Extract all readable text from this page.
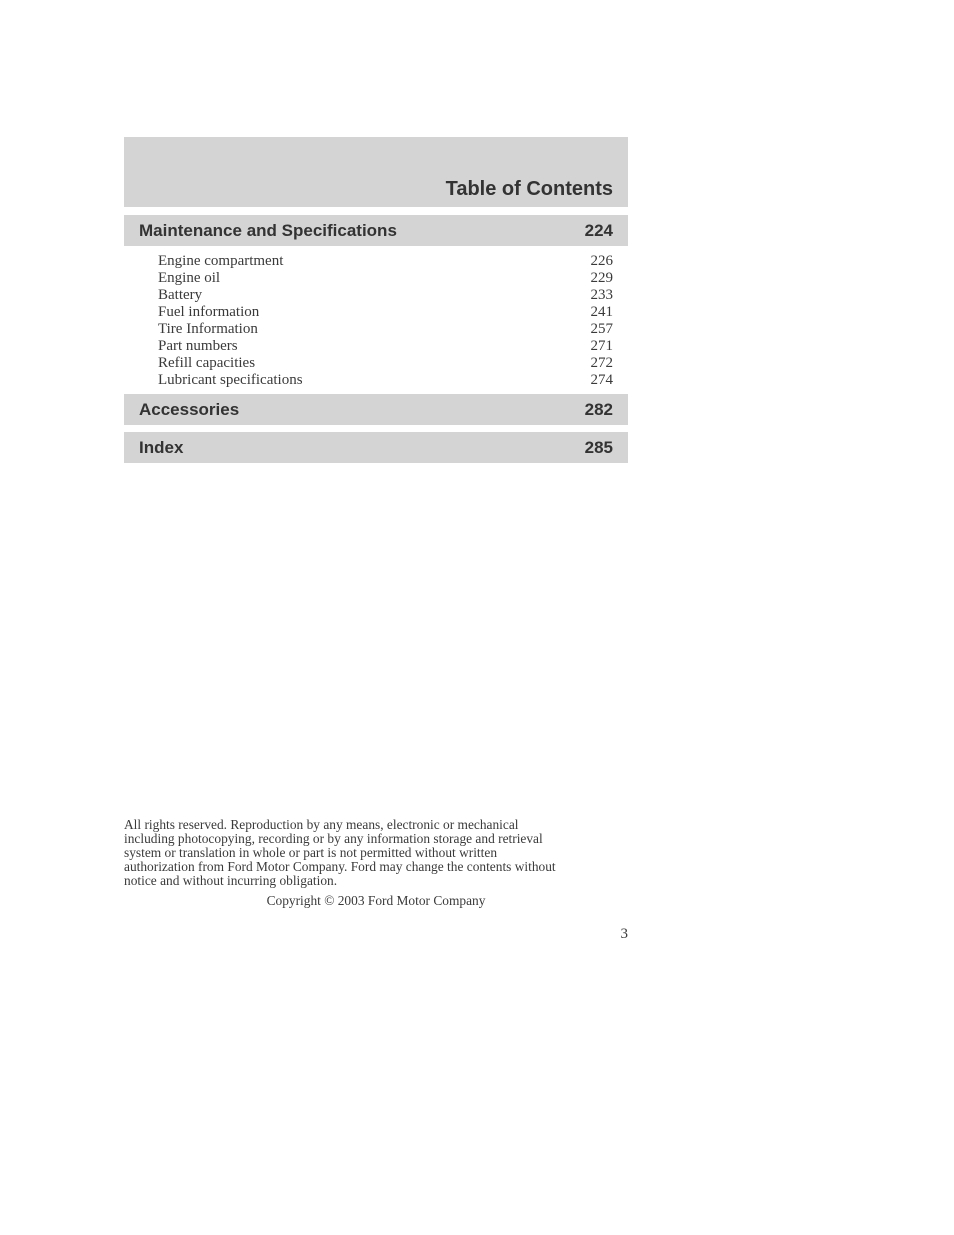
Table of Contents
Maintenance and Specifications	224
Engine compartment	226
Engine oil	229
Battery	233
Fuel information	241
Tire Information	257
Part numbers	271
Refill capacities	272
Lubricant specifications	274
Accessories	282
Index	285
All rights reserved. Reproduction by any means, electronic or mechanical
including photocopying, recording or by any information storage and retrieval
system or translation in whole or part is not permitted without written
authorization from Ford Motor Company. Ford may change the contents without
notice and without incurring obligation.
Copyright © 2003 Ford Motor Company
3
